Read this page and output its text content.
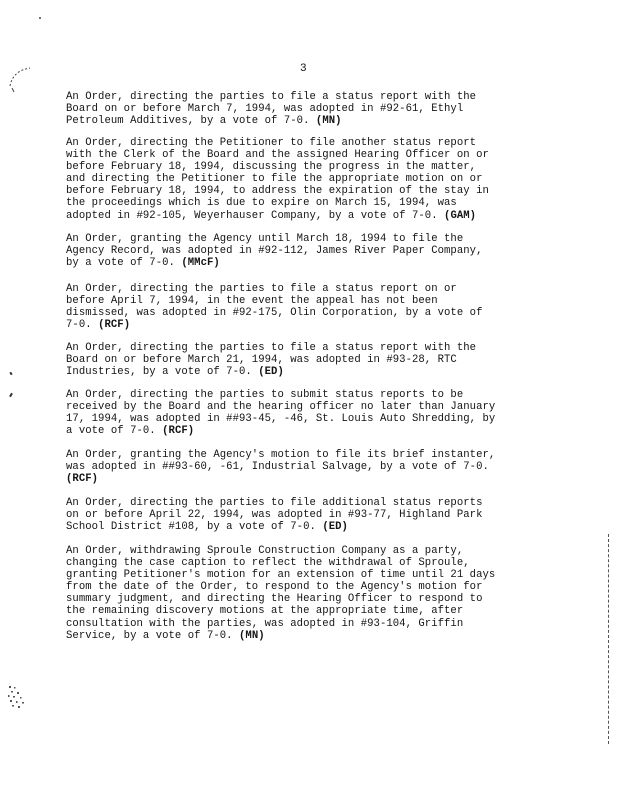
3
An Order, directing the parties to file a status report with the
Board on or before March 7, 1994, was adopted in #92-61, Ethyl
Petroleum Additives, by a vote of 7-0. (MN)
An Order, directing the Petitioner to file another status report
with the Clerk of the Board and the assigned Hearing Officer on or
before February 18, 1994, discussing the progress in the matter,
and directing the Petitioner to file the appropriate motion on or
before February 18, 1994, to address the expiration of the stay in
the proceedings which is due to expire on March 15, 1994, was
adopted in #92-105, Weyerhauser Company, by a vote of 7-0. (GAM)
An Order, granting the Agency until March 18, 1994 to file the
Agency Record, was adopted in #92-112, James River Paper Company,
by a vote of 7-0. (MMcF)
An Order, directing the parties to file a status report on or
before April 7, 1994, in the event the appeal has not been
dismissed, was adopted in #92-175, Olin Corporation, by a vote of
7-0. (RCF)
An Order, directing the parties to file a status report with the
Board on or before March 21, 1994, was adopted in #93-28, RTC
Industries, by a vote of 7-0. (ED)
An Order, directing the parties to submit status reports to be
received by the Board and the hearing officer no later than January
17, 1994, was adopted in ##93-45, -46, St. Louis Auto Shredding, by
a vote of 7-0. (RCF)
An Order, granting the Agency's motion to file its brief instanter,
was adopted in ##93-60, -61, Industrial Salvage, by a vote of 7-0.
(RCF)
An Order, directing the parties to file additional status reports
on or before April 22, 1994, was adopted in #93-77, Highland Park
School District #108, by a vote of 7-0. (ED)
An Order, withdrawing Sproule Construction Company as a party,
changing the case caption to reflect the withdrawal of Sproule,
granting Petitioner's motion for an extension of time until 21 days
from the date of the Order, to respond to the Agency's motion for
summary judgment, and directing the Hearing Officer to respond to
the remaining discovery motions at the appropriate time, after
consultation with the parties, was adopted in #93-104, Griffin
Service, by a vote of 7-0. (MN)
